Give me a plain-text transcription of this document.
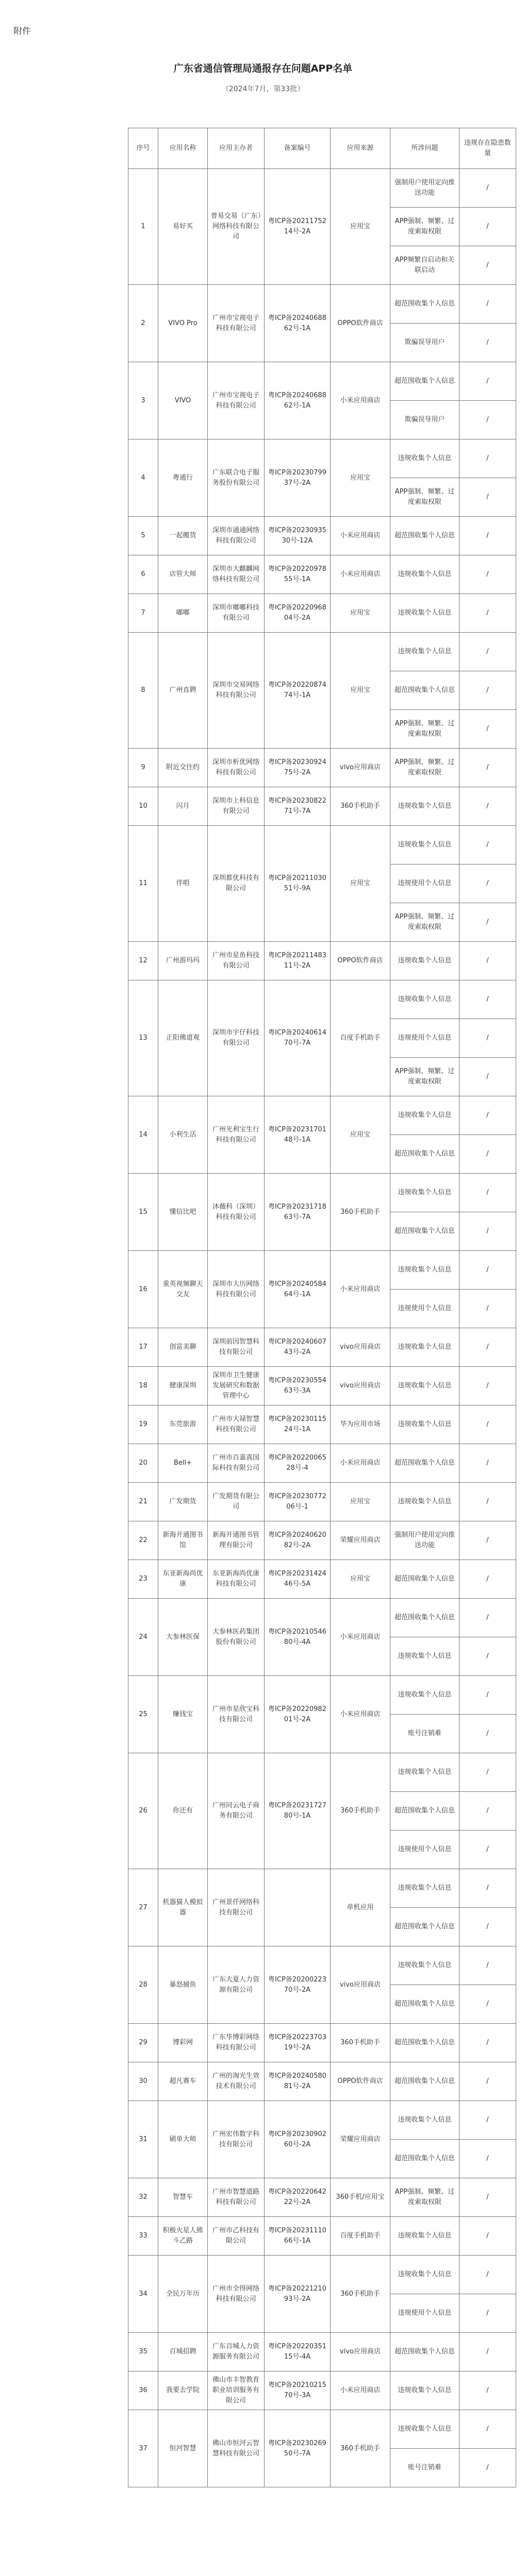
附件
广东省通信管理局通报存在问题APP名单
（2024年7月，第33批）
序号	应用名称	应用主办者	备案编号	应用来源	所涉问题	违规存在隐患数量
1	易好买	普易交易（广东）网络科技有限公司	粤ICP备2021175214号-2A	应用宝	强制用户使用定向推送功能	/
					APP强制、频繁、过度索取权限	/
					APP频繁自启动和关联启动	/
2	VIVO Pro	广州市宝视电子科技有限公司	粤ICP备2024068862号-1A	OPPO软件商店	超范围收集个人信息	/
					欺骗误导用户	/
3	VIVO	广州市宝视电子科技有限公司	粤ICP备2024068862号-1A	小米应用商店	超范围收集个人信息	/
					欺骗误导用户	/
4	粤通行	广东联合电子服务股份有限公司	粤ICP备2023079937号-2A	应用宝	违规收集个人信息	/
					APP强制、频繁、过度索取权限	/
5	一起搬货	深圳市通通网络科技有限公司	粤ICP备2023093530号-12A	小米应用商店	超范围收集个人信息	/
6	店管大师	深圳市大麒麟网络科技有限公司	粤ICP备2022097855号-1A	小米应用商店	违规收集个人信息	/
7	嘟嘟	深圳市嘟嘟科技有限公司	粤ICP备2022096804号-2A	应用宝	违规收集个人信息	/
8	广州直聘	深圳市交易网络科技有限公司	粤ICP备2022087474号-1A	应用宝	违规收集个人信息	/
					超范围收集个人信息	/
					APP强制、频繁、过度索取权限	/
9	附近交往约	深圳市析优网络科技有限公司	粤ICP备2023092475号-2A	vivo应用商店	APP强制、频繁、过度索取权限	/
10	闪月	深圳市上科信息有限公司	粤ICP备2023082271号-7A	360手机助手	违规收集个人信息	/
11	伴唱	深圳都优科技有限公司	粤ICP备2021103051号-9A	应用宝	违规收集个人信息	/
					违规使用个人信息	/
					APP强制、频繁、过度索取权限	/
12	广州游玛玛	广州市星鱼科技有限公司	粤ICP备2021148311号-2A	OPPO软件商店	违规收集个人信息	/
13	正阳佛道观	深圳市宇仔科技有限公司	粤ICP备2024061470号-7A	百度手机助手	违规收集个人信息	/
					违规使用个人信息	/
					APP强制、频繁、过度索取权限	/
14	小利生活	广州光利宝生行科技有限公司	粤ICP备2023170148号-1A	应用宝	违规收集个人信息	/
					超范围收集个人信息	/
15	懂信比吧	沐薇科（深圳）科技有限公司	粤ICP备2023171863号-7A	360手机助手	违规收集个人信息	/
					超范围收集个人信息	/
16	重英视频聊天交友	深圳市大历网络科技有限公司	粤ICP备2024058464号-1A	小米应用商店	违规收集个人信息	/
					违规使用个人信息	/
17	创富美聊	深圳前因智慧科技有限公司	粤ICP备2024060743号-2A	vivo应用商店	违规收集个人信息	/
18	健康深圳	深圳市卫生健康发展研究和数据管理中心	粤ICP备2023055463号-3A	vivo应用商店	违规收集个人信息	/
19	东莞旅游	广州市大禄智慧科技有限公司	粤ICP备2023011524号-1A	华为应用市场	违规收集个人信息	/
20	Bell+	广州市百嘉真国际科技有限公司	粤ICP备2022006528号-4	小米应用商店	超范围收集个人信息	/
21	广发期货	广发期货有限公司	粤ICP备2023077206号-1	应用宝	违规收集个人信息	/
22	新海开通图书馆	新海开通图书管理有限公司	粤ICP备2024062082号-2A	荣耀应用商店	强制用户使用定向推送功能	/
23	东亚新海尚优康	东亚新海尚优康科技有限公司	粤ICP备2023142446号-5A	应用宝	超范围收集个人信息	/
24	大参林医保	大参林医药集团股份有限公司	粤ICP备2021054680号-4A	小米应用商店	超范围收集个人信息	/
					违规收集个人信息	/
25	赚钱宝	广州市星欣宝科技有限公司	粤ICP备2022098201号-2A	小米应用商店	违规收集个人信息	/
					账号注销难	/
26	你还有	广州同云电子商务有限公司	粤ICP备2023172780号-1A	360手机助手	违规收集个人信息	/
					超范围收集个人信息	/
					违规使用个人信息	/
27	机器猫人模拟器	广州景仟网络科技有限公司		单机应用	违规收集个人信息	/
					超范围收集个人信息	/
28	暴怒捕鱼	广东大夏人力资源有限公司	粤ICP备2020022370号-2A	vivo应用商店	违规收集个人信息	/
					超范围收集个人信息	/
29	博彩网	广东华博彩网络科技有限公司	粤ICP备2022370319号-2A	360手机助手	超范围收集个人信息	/
30	超凡赛车	广州的淘光生效技术有限公司	粤ICP备2024058081号-2A	OPPO软件商店	超范围收集个人信息	/
31	刷单大师	广州宏伟数字科技有限公司	粤ICP备2023090260号-2A	荣耀应用商店	违规收集个人信息	/
					超范围收集个人信息	/
32	智慧车	广州市智慧道路科技有限公司	粤ICP备2022064222号-2A	360手机/应用宝	APP强制、频繁、过度索取权限	/
33	积极火星人熊斗乙路	广州市乙科技有限公司	粤ICP备2023111066号-1A	百度手机助手	违规收集个人信息	/
34	全民万年历	广州市全得网络科技有限公司	粤ICP备2022121093号-2A	360手机助手	违规收集个人信息	/
					违规使用个人信息	/
35	百城招聘	广东百城人力资源服务有限公司	粤ICP备2022035115号-4A	vivo应用商店	超范围收集个人信息	/
36	我要去学院	佛山市丰智教育职业培训服务有限公司	粤ICP备2021021570号-3A	小米应用商店	违规收集个人信息	/
37	恒河智慧	佛山市恒河云智慧科技有限公司	粤ICP备2023026950号-7A	360手机助手	违规收集个人信息	/
					账号注销难	/
